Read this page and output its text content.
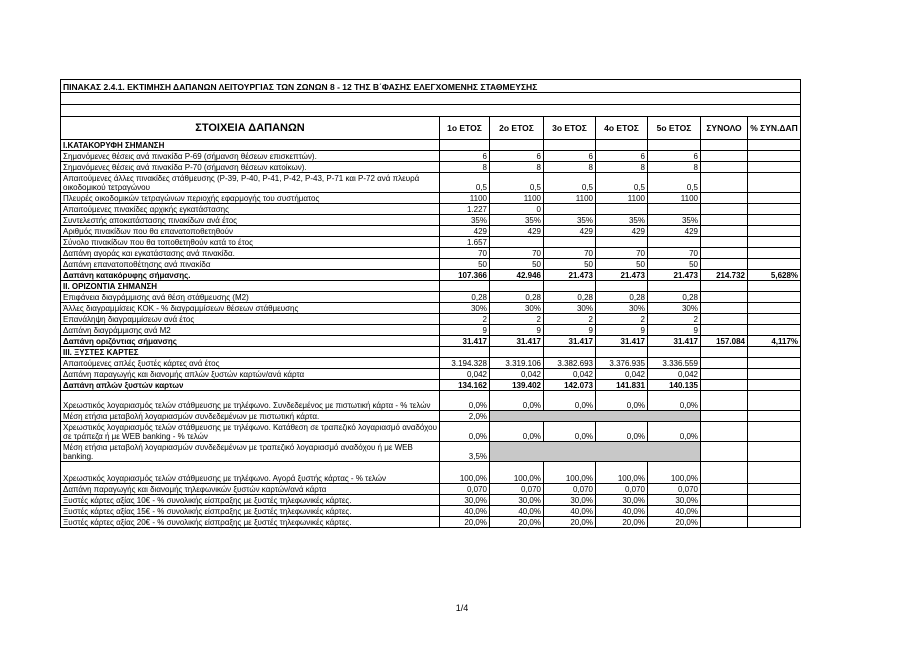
ΠΙΝΑΚΑΣ 2.4.1. ΕΚΤΙΜΗΣΗ ΔΑΠΑΝΩΝ ΛΕΙΤΟΥΡΓΙΑΣ ΤΩΝ ΖΩΝΩΝ 8 - 12 ΤΗΣ Β΄ΦΑΣΗΣ ΕΛΕΓΧΟΜΕΝΗΣ ΣΤΑΘΜΕΥΣΗΣ							

ΣΤΟΙΧΕΙΑ ΔΑΠΑΝΩΝ	1ο ΕΤΟΣ	2ο ΕΤΟΣ	3ο ΕΤΟΣ	4ο ΕΤΟΣ	5ο ΕΤΟΣ	ΣΥΝΟΛΟ	% ΣΥΝ.ΔΑΠ
Ι.ΚΑΤΑΚΟΡΥΦΗ ΣΗΜΑΝΣΗ							
Σημανόμενες θέσεις ανά πινακίδα Ρ-69 (σήμανση θέσεων επισκεπτών).	6	6	6	6	6		
Σημανόμενες θέσεις ανά πινακίδα Ρ-70 (σήμανση θέσεων κατοίκων).	8	8	8	8	8		
Απαιτούμενες άλλες πινακίδες στάθμευσης (Ρ-39, Ρ-40, Ρ-41, Ρ-42, Ρ-43, Ρ-71 και Ρ-72 ανά πλευρά οικοδομικού τετραγώνου	0,5	0,5	0,5	0,5	0,5		
Πλευρές οικοδομικών τετραγώνων περιοχής εφαρμογής του συστήματος	1100	1100	1100	1100	1100		
Απαιτούμενες πινακίδες αρχικής εγκατάστασης	1.227	0					
Συντελεστής αποκατάστασης πινακίδων ανά έτος	35%	35%	35%	35%	35%		
Αριθμός πινακίδων που θα επανατοποθετηθούν	429	429	429	429	429		
Σύνολο πινακίδων που θα τοποθετηθούν κατά το έτος	1.657						
Δαπάνη αγοράς και εγκατάστασης ανά πινακίδα.	70	70	70	70	70		
Δαπάνη επανατοποθέτησης ανά πινακίδα	50	50	50	50	50		
Δαπάνη κατακόρυφης σήμανσης.	107.366	42.946	21.473	21.473	21.473	214.732	5,628%
ΙΙ. ΟΡΙΖΟΝΤΙΑ ΣΗΜΑΝΣΗ							
Επιφάνεια διαγράμμισης ανά θέση στάθμευσης (Μ2)	0,28	0,28	0,28	0,28	0,28		
Άλλες διαγραμμίσεις ΚΟΚ - % διαγραμμίσεων θέσεων στάθμευσης	30%	30%	30%	30%	30%		
Επανάληψη διαγραμμίσεων ανά έτος	2	2	2	2	2		
Δαπάνη διαγράμμισης ανά Μ2	9	9	9	9	9		
Δαπάνη οριζόντιας σήμανσης	31.417	31.417	31.417	31.417	31.417	157.084	4,117%
ΙΙΙ. ΞΥΣΤΕΣ ΚΑΡΤΕΣ							
Απαιτούμενες απλές ξυστές κάρτες ανά έτος	3.194.328	3.319.106	3.382.693	3.376.935	3.336.559		
Δαπάνη παραγωγής και διανομής απλών ξυστών καρτών/ανά κάρτα	0,042	0,042	0,042	0,042	0,042		
Δαπάνη απλών ξυστών καρτων	134.162	139.402	142.073	141.831	140.135		
Χρεωστικός λογαριασμός τελών στάθμευσης με τηλέφωνο. Συνδεδεμένος με πιστωτική κάρτα - % τελών	0,0%	0,0%	0,0%	0,0%	0,0%		
Μέση ετήσια μεταβολή λογαριασμών συνδεδεμένων με πιστωτική κάρτα.	2,0%						
Χρεωστικός λογαριασμός τελών στάθμευσης με τηλέφωνο. Κατάθεση σε τραπεζικό λογαριασμό αναδόχου σε τράπεζα ή με WEB banking - % τελών	0,0%	0,0%	0,0%	0,0%	0,0%		
Μέση ετήσια μεταβολή λογαριασμών συνδεδεμένων με τραπεζικό λογαριασμό αναδόχου ή με WEB banking.	3,5%						
Χρεωστικός λογαριασμός τελών στάθμευσης με τηλέφωνο. Αγορά ξυστής κάρτας - % τελών	100,0%	100,0%	100,0%	100,0%	100,0%		
Δαπάνη παραγωγής και διανομής τηλεφωνικών ξυστών καρτών/ανά κάρτα	0,070	0,070	0,070	0,070	0,070		
Ξυστές κάρτες αξίας 10€ - % συνολικής είσπραξης με ξυστές τηλεφωνικές κάρτες.	30,0%	30,0%	30,0%	30,0%	30,0%		
Ξυστές κάρτες αξίας 15€ - % συνολικής είσπραξης με ξυστές τηλεφωνικές κάρτες.	40,0%	40,0%	40,0%	40,0%	40,0%		
Ξυστές κάρτες αξίας 20€ - % συνολικής είσπραξης με ξυστές τηλεφωνικές κάρτες.	20,0%	20,0%	20,0%	20,0%	20,0%		
1/4
